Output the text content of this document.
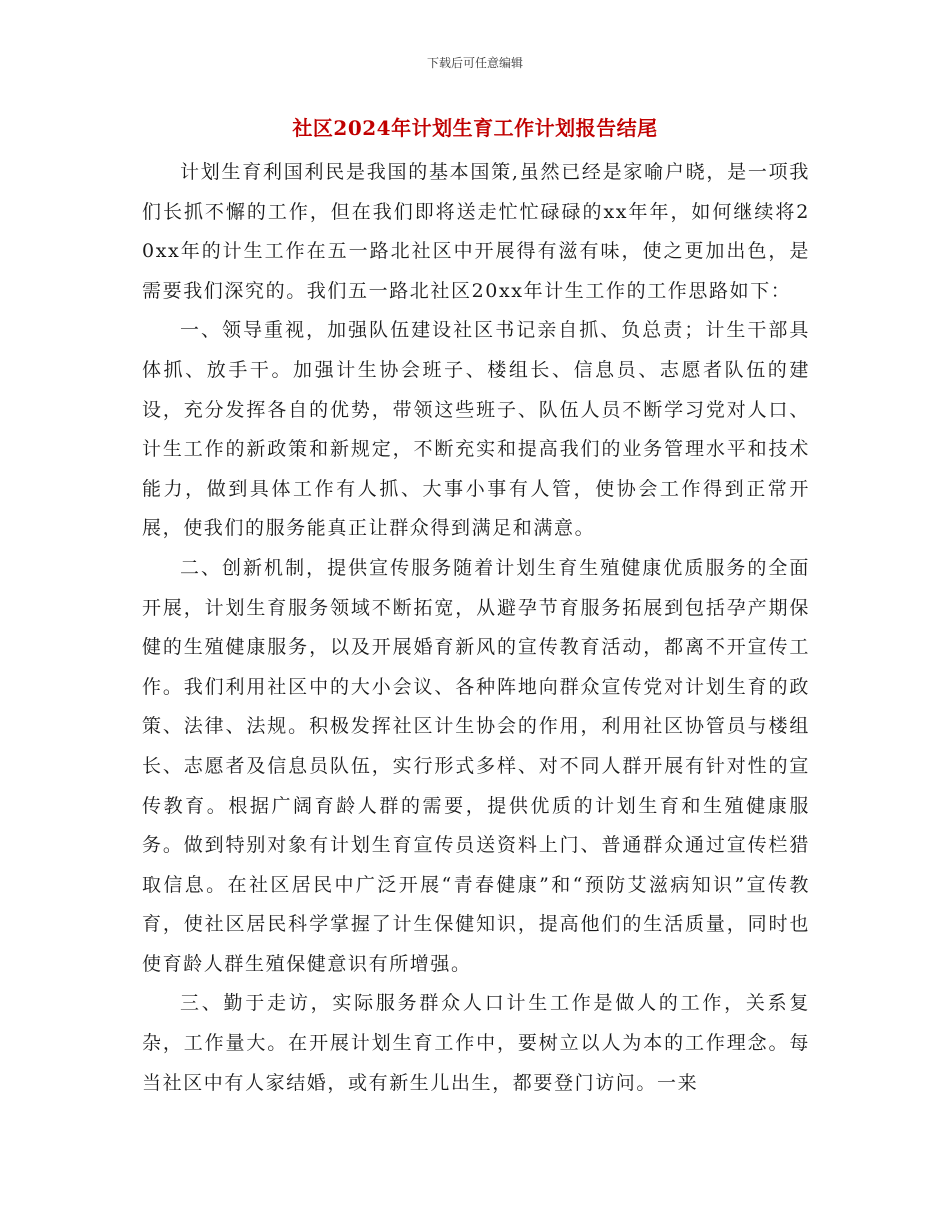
下载后可任意编辑
社区2024年计划生育工作计划报告结尾

计划生育利国利民是我国的基本国策,虽然已经是家喻户晓，是一项我们长抓不懈的工作，但在我们即将送走忙忙碌碌的xx年年，如何继续将20xx年的计生工作在五一路北社区中开展得有滋有味，使之更加出色，是需要我们深究的。我们五一路北社区20xx年计生工作的工作思路如下：

一、领导重视，加强队伍建设社区书记亲自抓、负总责；计生干部具体抓、放手干。加强计生协会班子、楼组长、信息员、志愿者队伍的建设，充分发挥各自的优势，带领这些班子、队伍人员不断学习党对人口、计生工作的新政策和新规定，不断充实和提高我们的业务管理水平和技术能力，做到具体工作有人抓、大事小事有人管，使协会工作得到正常开展，使我们的服务能真正让群众得到满足和满意。

二、创新机制，提供宣传服务随着计划生育生殖健康优质服务的全面开展，计划生育服务领域不断拓宽，从避孕节育服务拓展到包括孕产期保健的生殖健康服务，以及开展婚育新风的宣传教育活动，都离不开宣传工作。我们利用社区中的大小会议、各种阵地向群众宣传党对计划生育的政策、法律、法规。积极发挥社区计生协会的作用，利用社区协管员与楼组长、志愿者及信息员队伍，实行形式多样、对不同人群开展有针对性的宣传教育。根据广阔育龄人群的需要，提供优质的计划生育和生殖健康服务。做到特别对象有计划生育宣传员送资料上门、普通群众通过宣传栏猎取信息。在社区居民中广泛开展“青春健康”和“预防艾滋病知识”宣传教育，使社区居民科学掌握了计生保健知识，提高他们的生活质量，同时也使育龄人群生殖保健意识有所增强。

三、勤于走访，实际服务群众人口计生工作是做人的工作，关系复杂，工作量大。在开展计划生育工作中，要树立以人为本的工作理念。每当社区中有人家结婚，或有新生儿出生，都要登门访问。一来
